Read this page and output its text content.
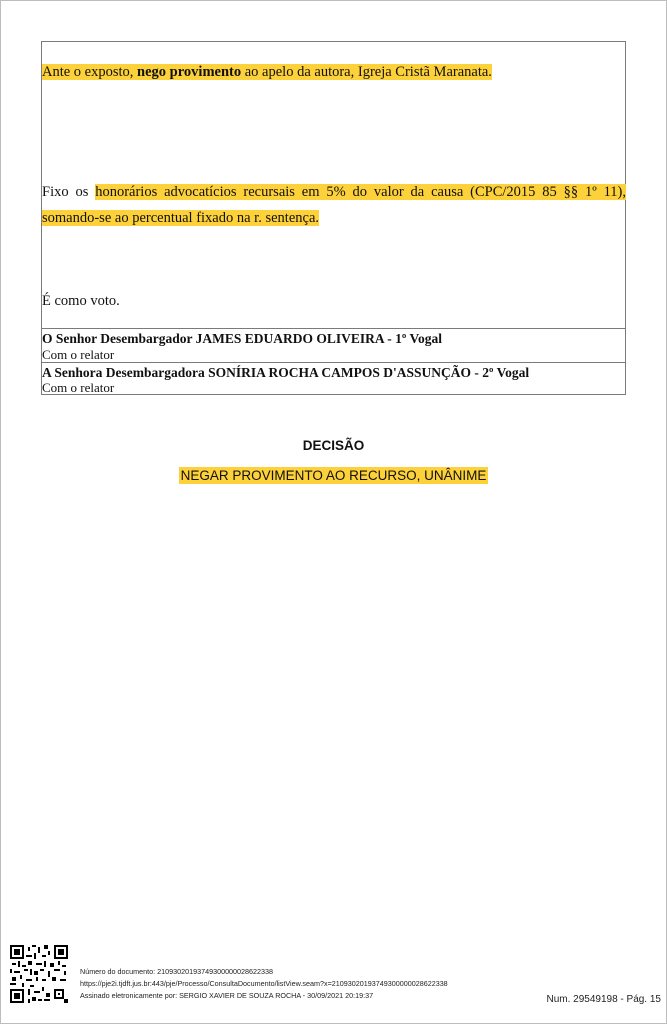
Ante o exposto, nego provimento ao apelo da autora, Igreja Cristã Maranata.
Fixo os honorários advocatícios recursais em 5% do valor da causa (CPC/2015 85 §§ 1º 11),
somando-se ao percentual fixado na r. sentença.
É como voto.
O Senhor Desembargador JAMES EDUARDO OLIVEIRA - 1º Vogal
Com o relator
A Senhora Desembargadora SONÍRIA ROCHA CAMPOS D'ASSUNÇÃO - 2º Vogal
Com o relator
DECISÃO
NEGAR PROVIMENTO AO RECURSO, UNÂNIME
Número do documento: 21093020193749300000028622338
https://pje2i.tjdft.jus.br:443/pje/Processo/ConsultaDocumento/listView.seam?x=21093020193749300000028622338
Assinado eletronicamente por: SERGIO XAVIER DE SOUZA ROCHA - 30/09/2021 20:19:37	Num. 29549198 - Pág. 15
